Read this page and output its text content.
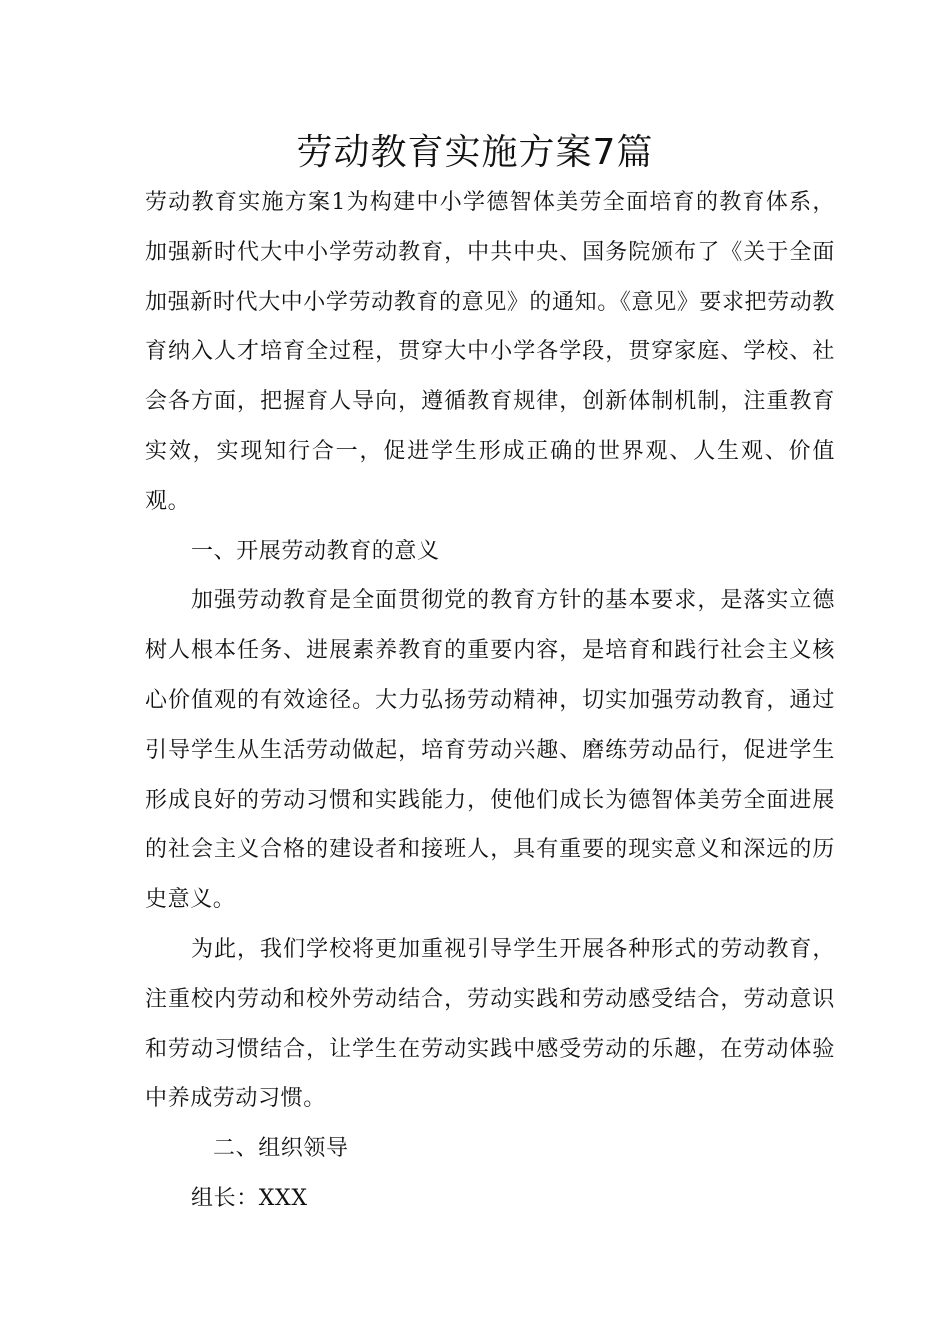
劳动教育实施方案7篇

劳动教育实施方案1为构建中小学德智体美劳全面培育的教育体系，加强新时代大中小学劳动教育，中共中央、国务院颁布了《关于全面加强新时代大中小学劳动教育的意见》的通知。《意见》要求把劳动教育纳入人才培育全过程，贯穿大中小学各学段，贯穿家庭、学校、社会各方面，把握育人导向，遵循教育规律，创新体制机制，注重教育实效，实现知行合一，促进学生形成正确的世界观、人生观、价值观。

一、开展劳动教育的意义

加强劳动教育是全面贯彻党的教育方针的基本要求，是落实立德树人根本任务、进展素养教育的重要内容，是培育和践行社会主义核心价值观的有效途径。大力弘扬劳动精神，切实加强劳动教育，通过引导学生从生活劳动做起，培育劳动兴趣、磨练劳动品行，促进学生形成良好的劳动习惯和实践能力，使他们成长为德智体美劳全面进展的社会主义合格的建设者和接班人，具有重要的现实意义和深远的历史意义。

为此，我们学校将更加重视引导学生开展各种形式的劳动教育，注重校内劳动和校外劳动结合，劳动实践和劳动感受结合，劳动意识和劳动习惯结合，让学生在劳动实践中感受劳动的乐趣，在劳动体验中养成劳动习惯。

二、组织领导

组长：XXX
